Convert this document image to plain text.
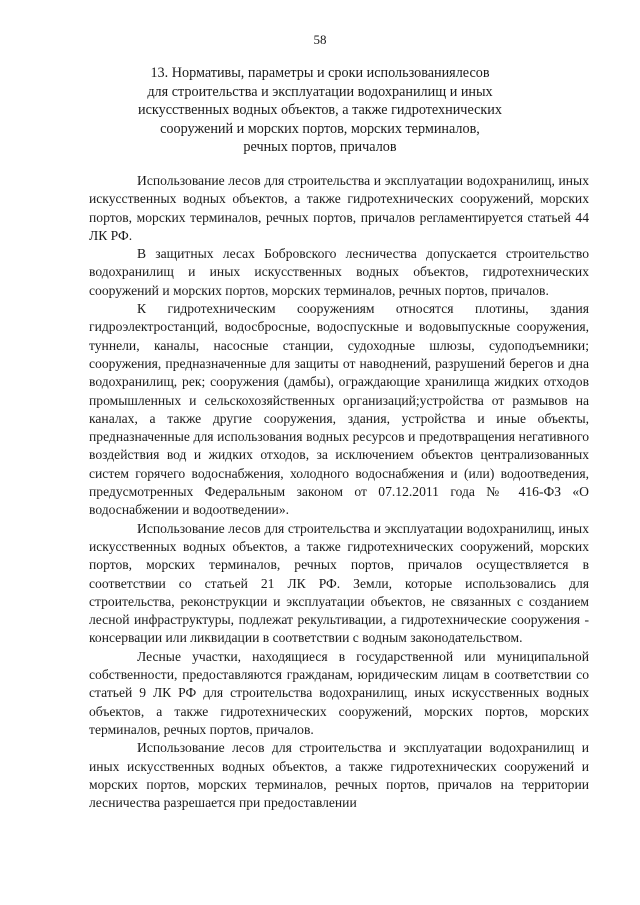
58
13. Нормативы, параметры и сроки использованиялесов
для строительства и эксплуатации водохранилищ и иных
искусственных водных объектов, а также гидротехнических
сооружений и морских портов, морских терминалов,
речных портов, причалов

Использование лесов для строительства и эксплуатации водохранилищ, иных искусственных водных объектов, а также гидротехнических сооружений, морских портов, морских терминалов, речных портов, причалов регламентируется статьей 44 ЛК РФ.

В защитных лесах Бобровского лесничества допускается строительство водохранилищ и иных искусственных водных объектов, гидротехнических сооружений и морских портов, морских терминалов, речных портов, причалов.

К гидротехническим сооружениям относятся плотины, здания гидроэлектростанций, водосбросные, водоспускные и водовыпускные сооружения, туннели, каналы, насосные станции, судоходные шлюзы, судоподъемники; сооружения, предназначенные для защиты от наводнений, разрушений берегов и дна водохранилищ, рек; сооружения (дамбы), ограждающие хранилища жидких отходов промышленных и сельскохозяйственных организаций;устройства от размывов на каналах, а также другие сооружения, здания, устройства и иные объекты, предназначенные для использования водных ресурсов и предотвращения негативного воздействия вод и жидких отходов, за исключением объектов централизованных систем горячего водоснабжения, холодного водоснабжения и (или) водоотведения, предусмотренных Федеральным законом от 07.12.2011 года № 416-ФЗ «О водоснабжении и водоотведении».

Использование лесов для строительства и эксплуатации водохранилищ, иных искусственных водных объектов, а также гидротехнических сооружений, морских портов, морских терминалов, речных портов, причалов осуществляется в соответствии со статьей 21 ЛК РФ. Земли, которые использовались для строительства, реконструкции и эксплуатации объектов, не связанных с созданием лесной инфраструктуры, подлежат рекультивации, а гидротехнические сооружения - консервации или ликвидации в соответствии с водным законодательством.

Лесные участки, находящиеся в государственной или муниципальной собственности, предоставляются гражданам, юридическим лицам в соответствии со статьей 9 ЛК РФ для строительства водохранилищ, иных искусственных водных объектов, а также гидротехнических сооружений, морских портов, морских терминалов, речных портов, причалов.

Использование лесов для строительства и эксплуатации водохранилищ и иных искусственных водных объектов, а также гидротехнических сооружений и морских портов, морских терминалов, речных портов, причалов на территории лесничества разрешается при предоставлении
